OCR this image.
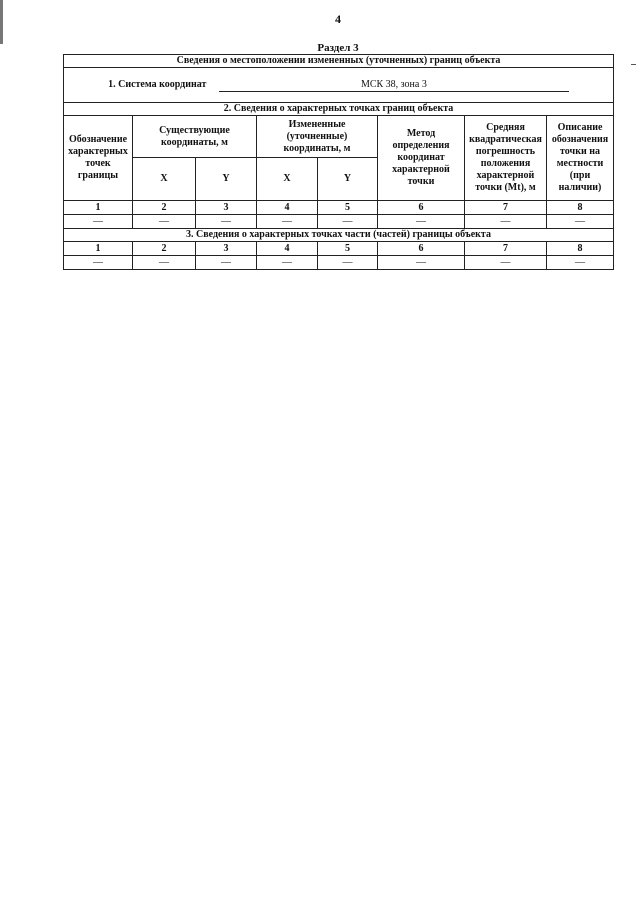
4
Раздел 3
Сведения о местоположении измененных (уточненных) границ объекта							
1. Система координат МСК 38, зона 3							
2. Сведения о характерных точках границ объекта							
Обозначение характерных точек границы	Существующие координаты, м		Измененные (уточненные) координаты, м		Метод определения координат характерной точки	Средняя квадратическая погрешность положения характерной точки (Mt), м	Описание обозначения точки на местности (при наличии)
	X	Y	X	Y			
1	2	3	4	5	6	7	8
—	—	—	—	—	—	—	—
3. Сведения о характерных точках части (частей) границы объекта							
1	2	3	4	5	6	7	8
—	—	—	—	—	—	—	—
